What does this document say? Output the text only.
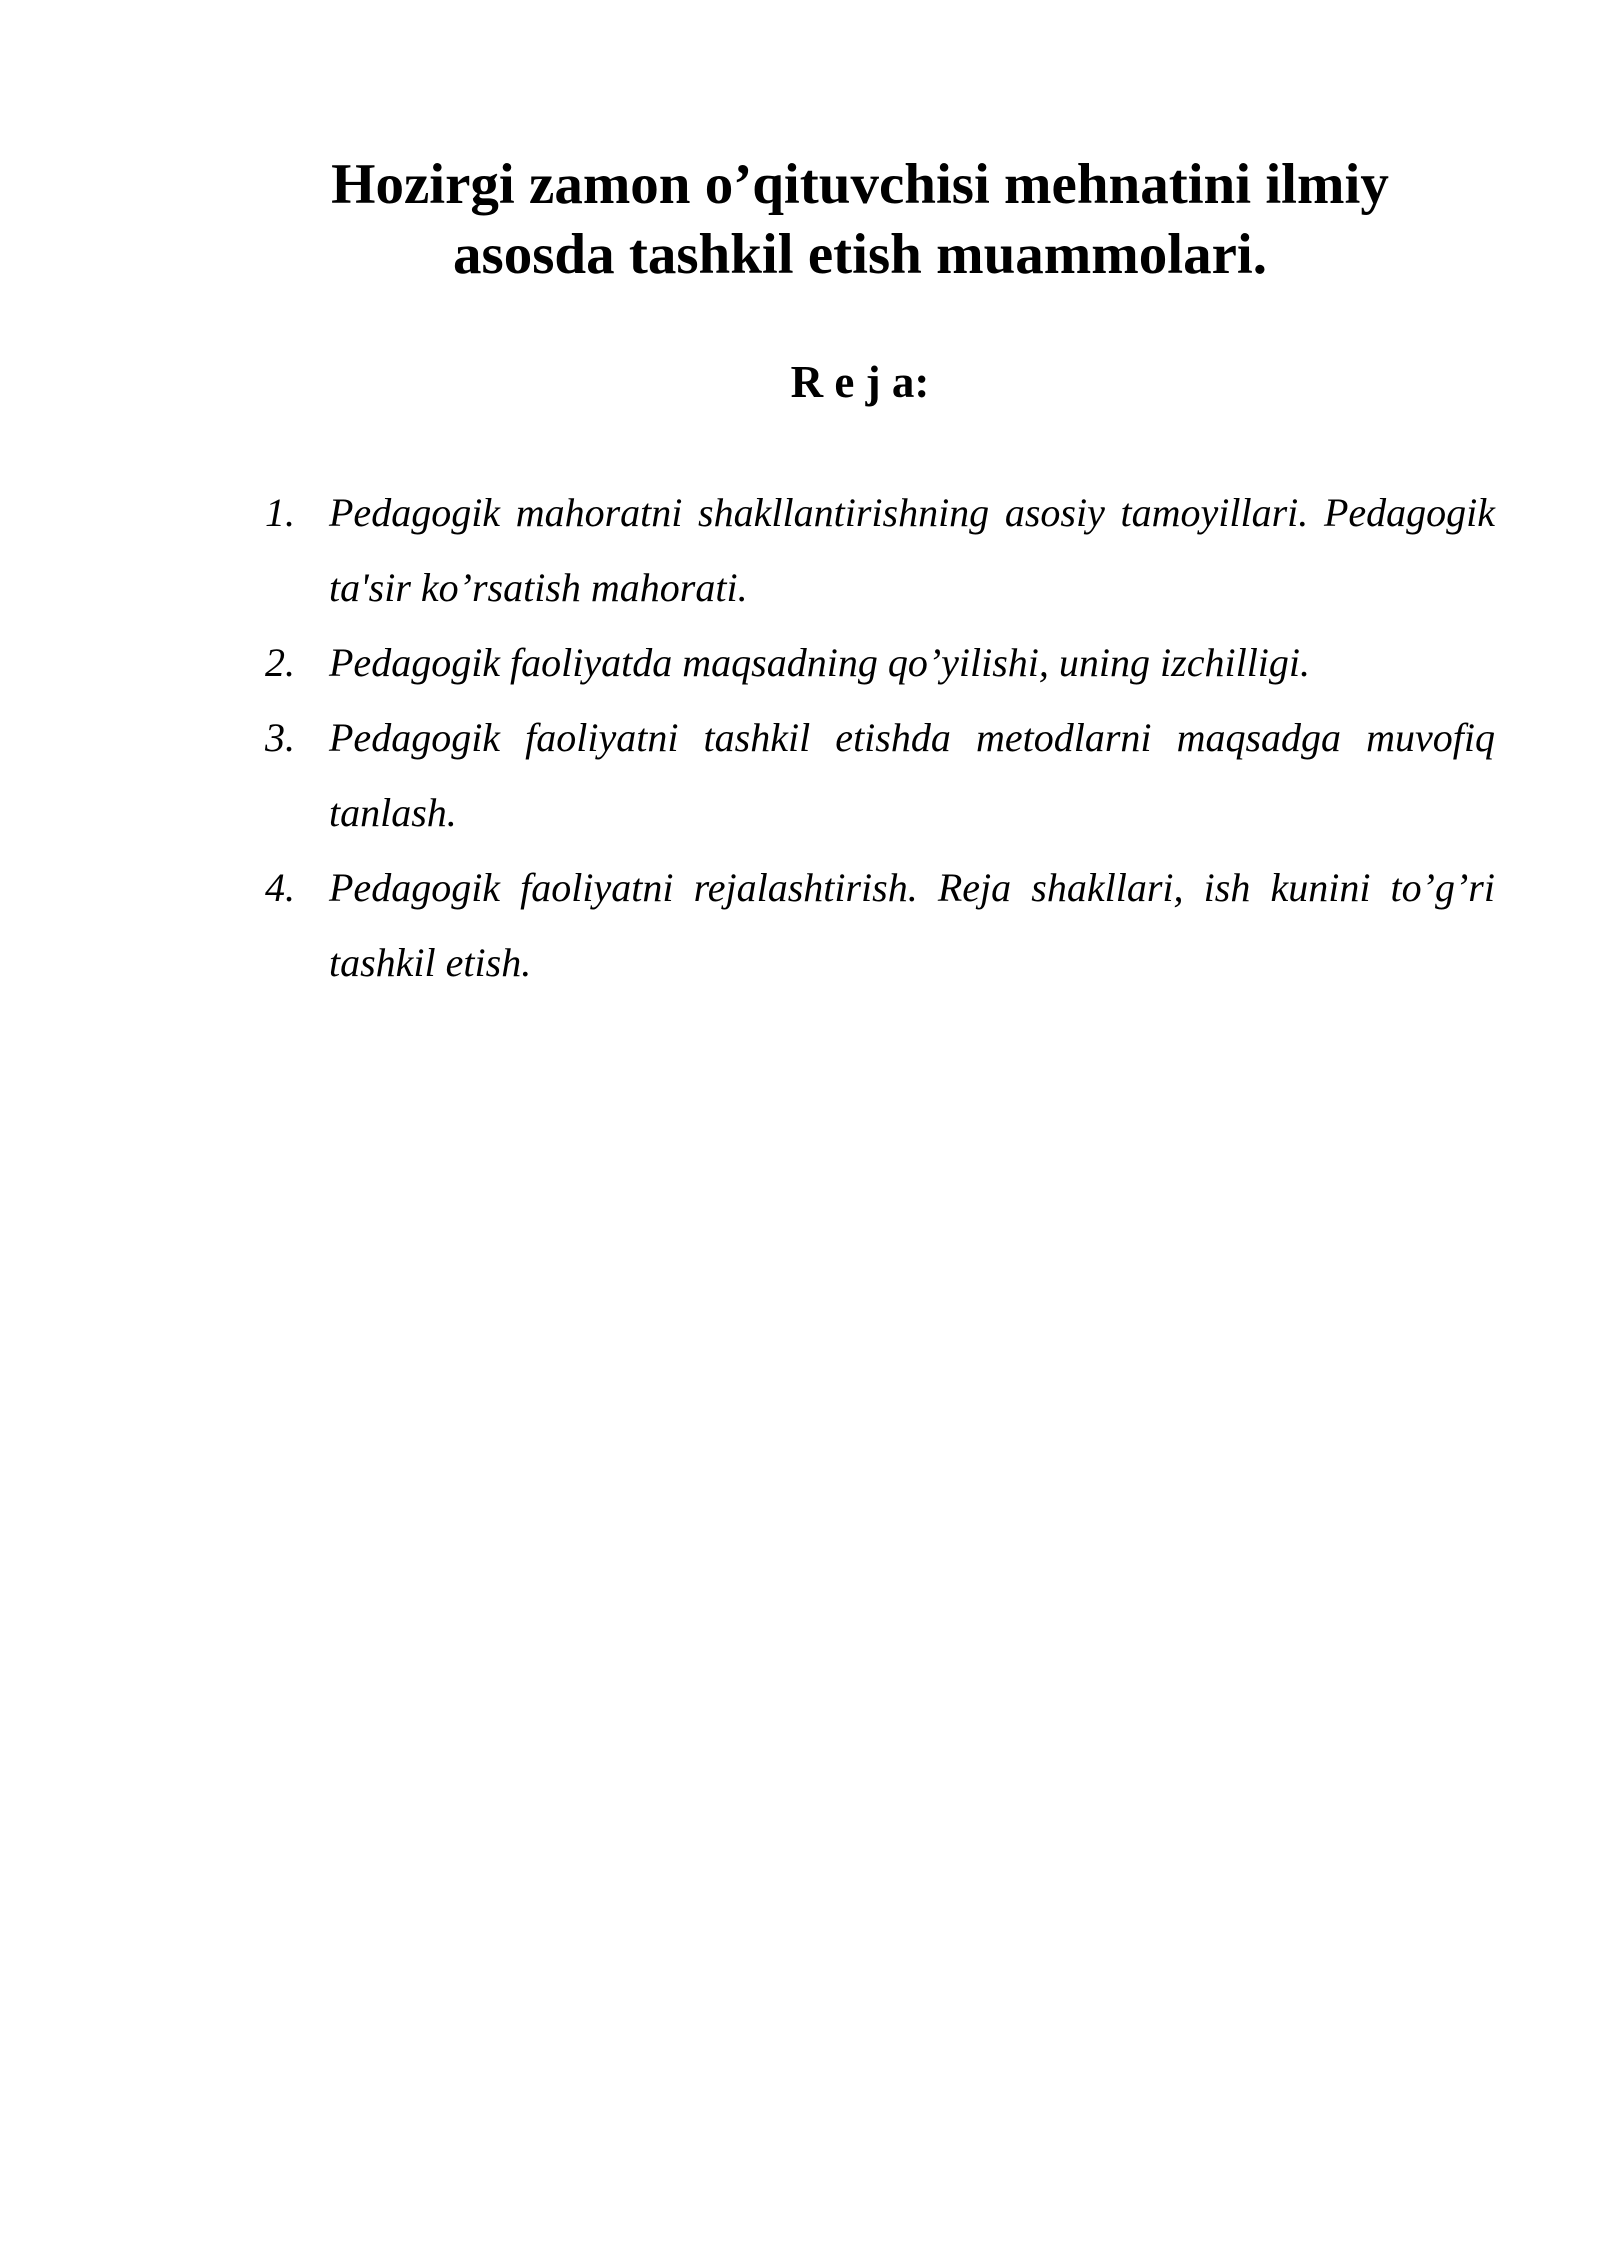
Hozirgi zamon o’qituvchisi mehnatini ilmiy
asosda tashkil etish muammolari.
R e j a:
1. Pedagogik mahoratni shakllantirishning asosiy tamoyillari. Pedagogik ta'sir ko’rsatish mahorati.
2. Pedagogik faoliyatda maqsadning qo’yilishi, uning izchilligi.
3. Pedagogik faoliyatni tashkil etishda metodlarni maqsadga muvofiq tanlash.
4. Pedagogik faoliyatni rejalashtirish. Reja shakllari, ish kunini to’g’ri tashkil etish.
